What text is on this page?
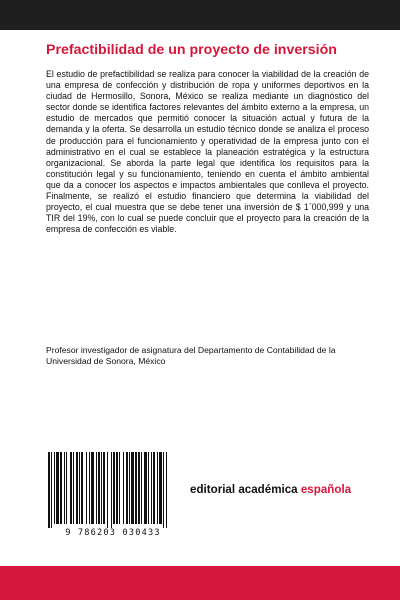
Prefactibilidad de un proyecto de inversión

El estudio de prefactibilidad se realiza para conocer la viabilidad de la creación de una empresa de confección y distribución de ropa y uniformes deportivos en la ciudad de Hermosillo, Sonora, México se realiza mediante un diagnóstico del sector donde se identifica factores relevantes del ámbito externo a la empresa, un estudio de mercados que permitió conocer la situación actual y futura de la demanda y la oferta. Se desarrolla un estudio técnico donde se analiza el proceso de producción para el funcionamiento y operatividad de la empresa junto con el administrativo en el cual se establece la planeación estratégica y la estructura organizacional. Se aborda la parte legal que identifica los requisitos para la constitución legal y su funcionamiento, teniendo en cuenta el ámbito ambiental que da a conocer los aspectos e impactos ambientales que conlleva el proyecto. Finalmente, se realizó el estudio financiero que determina la viabilidad del proyecto, el cual muestra que se debe tener una inversión de $ 1`000,999 y una TIR del 19%, con lo cual se puede concluir que el proyecto para la creación de la empresa de confección es viable.

Profesor investigador de asignatura del Departamento de Contabilidad de la Universidad de Sonora, México

9 786203 030433
editorial académica española
